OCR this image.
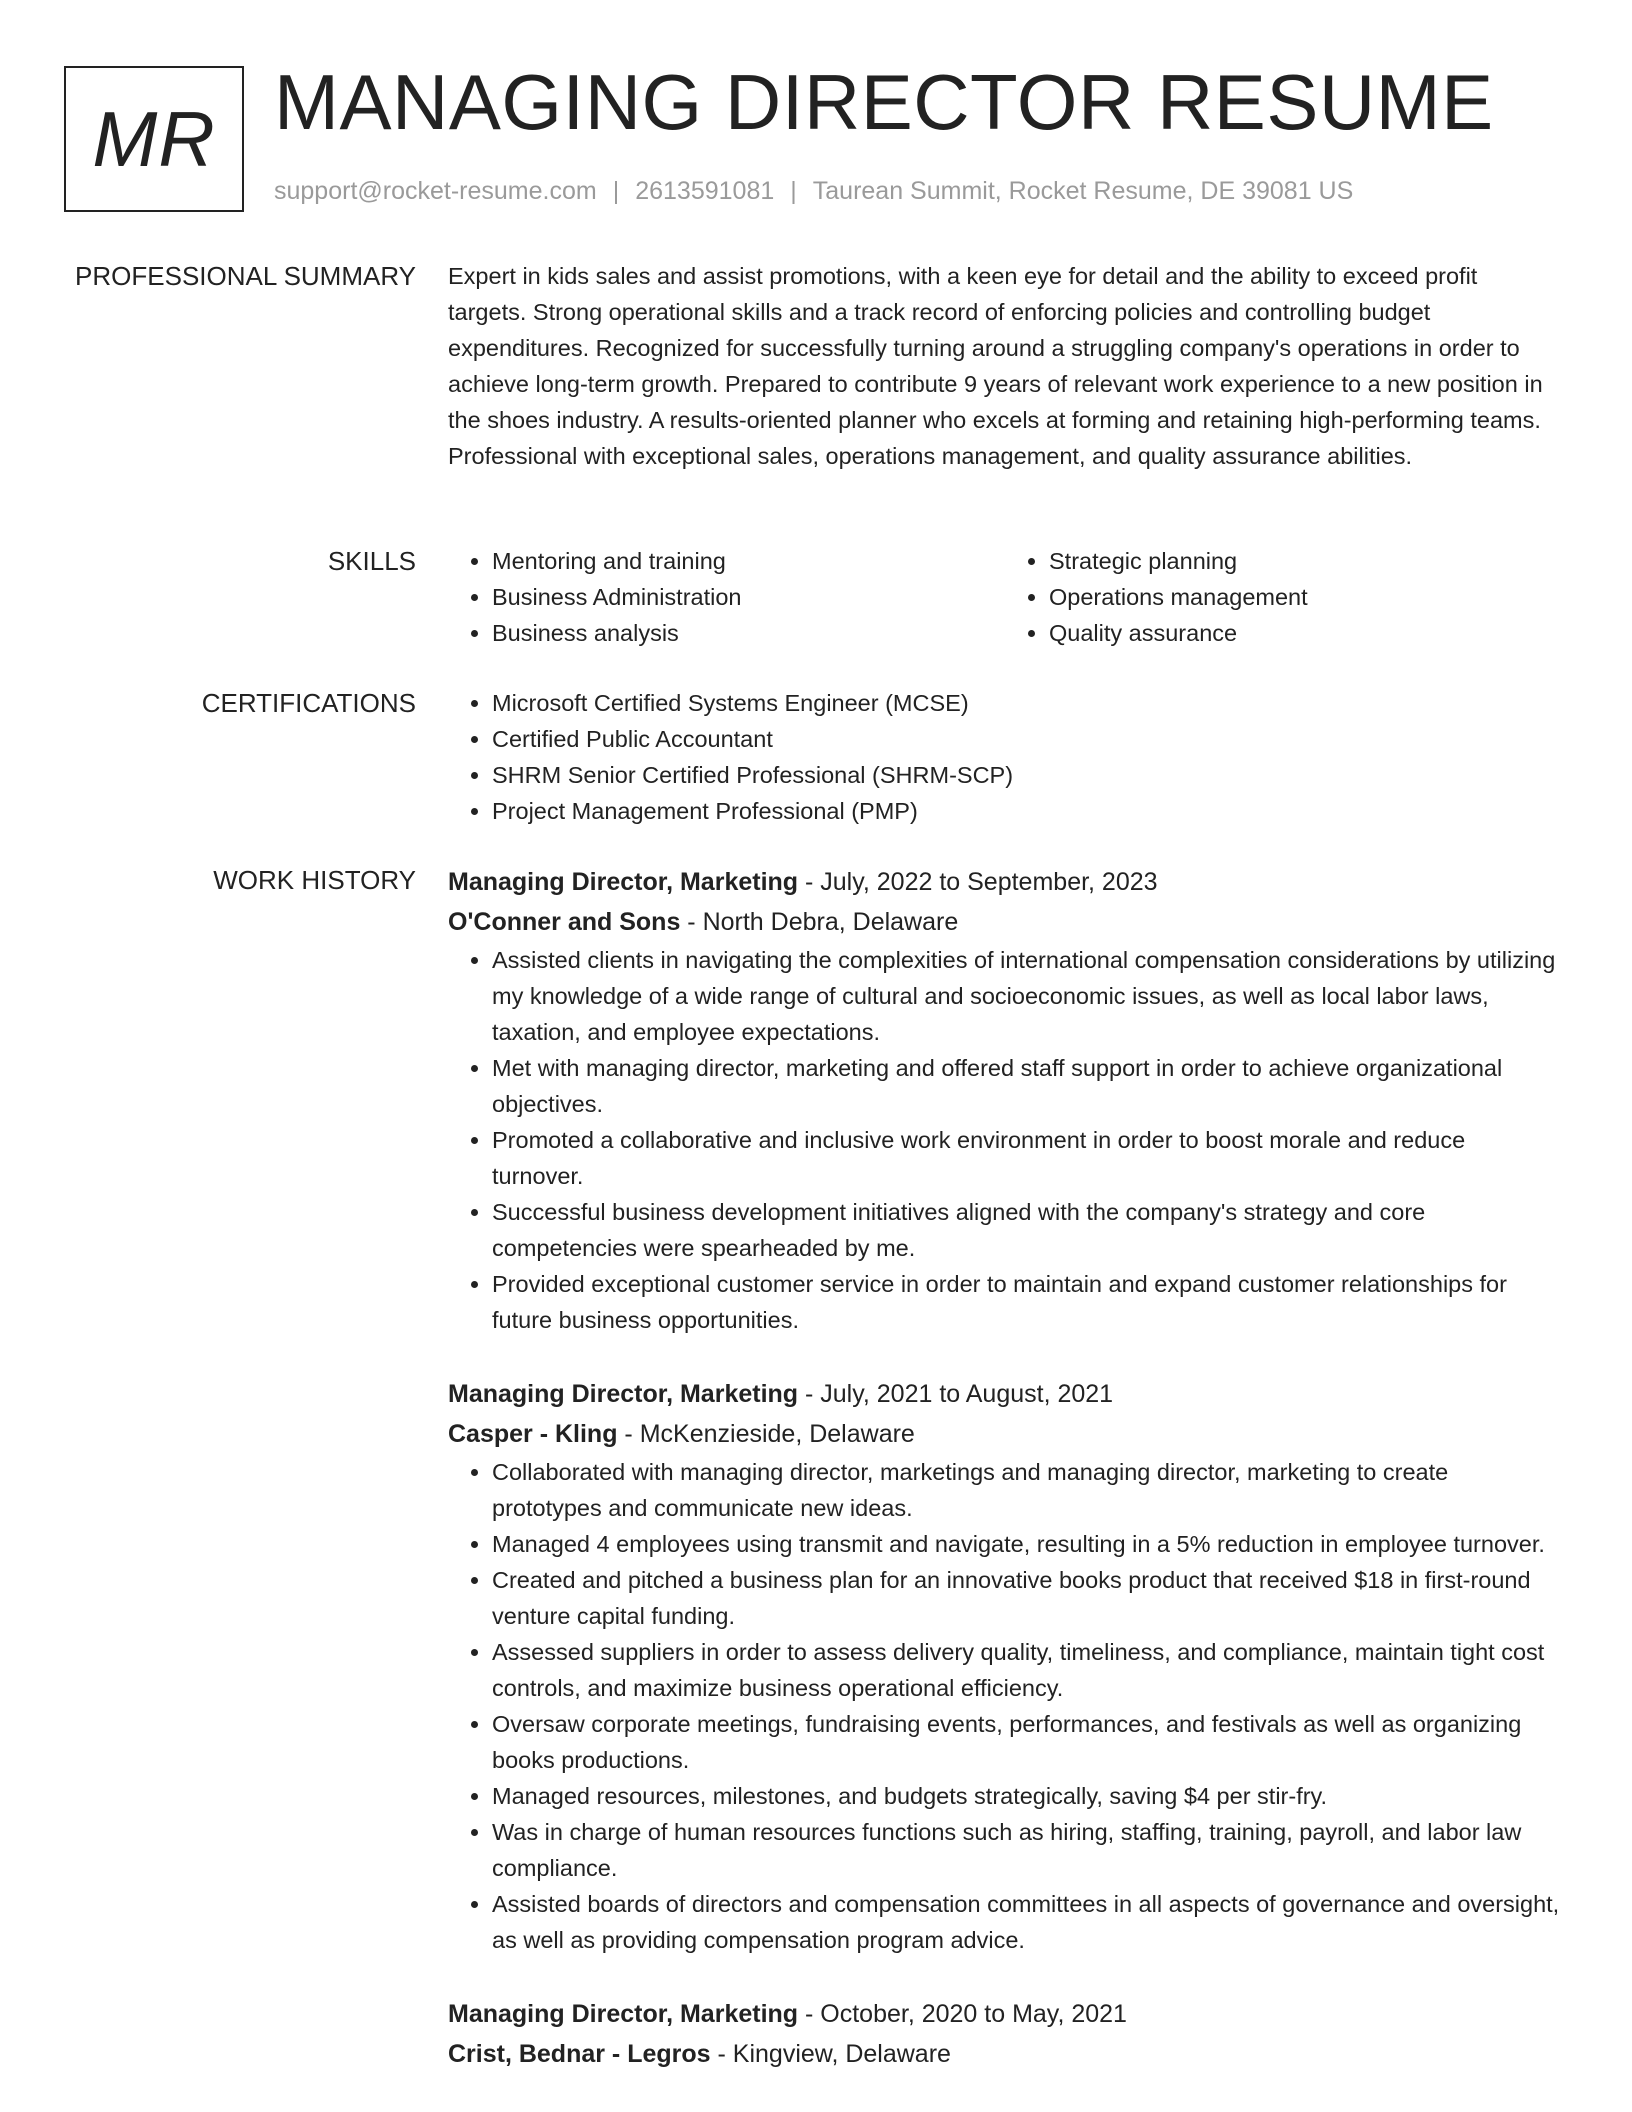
MR MANAGING DIRECTOR RESUME
support@rocket-resume.com | 2613591081 | Taurean Summit, Rocket Resume, DE 39081 US
PROFESSIONAL SUMMARY Expert in kids sales and assist promotions, with a keen eye for detail and the ability to exceed profit targets. Strong operational skills and a track record of enforcing policies and controlling budget expenditures. Recognized for successfully turning around a struggling company's operations in order to achieve long-term growth. Prepared to contribute 9 years of relevant work experience to a new position in the shoes industry. A results-oriented planner who excels at forming and retaining high-performing teams. Professional with exceptional sales, operations management, and quality assurance abilities.

SKILLS	• Mentoring and training
• Business Administration
• Business analysis
• Strategic planning
• Operations management
• Quality assurance
CERTIFICATIONS	• Microsoft Certified Systems Engineer (MCSE)
• Certified Public Accountant
• SHRM Senior Certified Professional (SHRM-SCP)
• Project Management Professional (PMP)
WORK HISTORY Managing Director, Marketing - July, 2022 to September, 2023
O'Conner and Sons - North Debra, Delaware
• Assisted clients in navigating the complexities of international compensation considerations by utilizing my knowledge of a wide range of cultural and socioeconomic issues, as well as local labor laws, taxation, and employee expectations.
• Met with managing director, marketing and offered staff support in order to achieve organizational objectives.
• Promoted a collaborative and inclusive work environment in order to boost morale and reduce turnover.
• Successful business development initiatives aligned with the company's strategy and core competencies were spearheaded by me.
• Provided exceptional customer service in order to maintain and expand customer relationships for future business opportunities.
Managing Director, Marketing - July, 2021 to August, 2021
Casper - Kling - McKenzieside, Delaware
• Collaborated with managing director, marketings and managing director, marketing to create prototypes and communicate new ideas.
• Managed 4 employees using transmit and navigate, resulting in a 5% reduction in employee turnover.
• Created and pitched a business plan for an innovative books product that received $18 in first-round venture capital funding.
• Assessed suppliers in order to assess delivery quality, timeliness, and compliance, maintain tight cost controls, and maximize business operational efficiency.
• Oversaw corporate meetings, fundraising events, performances, and festivals as well as organizing books productions.
• Managed resources, milestones, and budgets strategically, saving $4 per stir-fry.
• Was in charge of human resources functions such as hiring, staffing, training, payroll, and labor law compliance.
• Assisted boards of directors and compensation committees in all aspects of governance and oversight, as well as providing compensation program advice.
Managing Director, Marketing - October, 2020 to May, 2021
Crist, Bednar - Legros - Kingview, Delaware
